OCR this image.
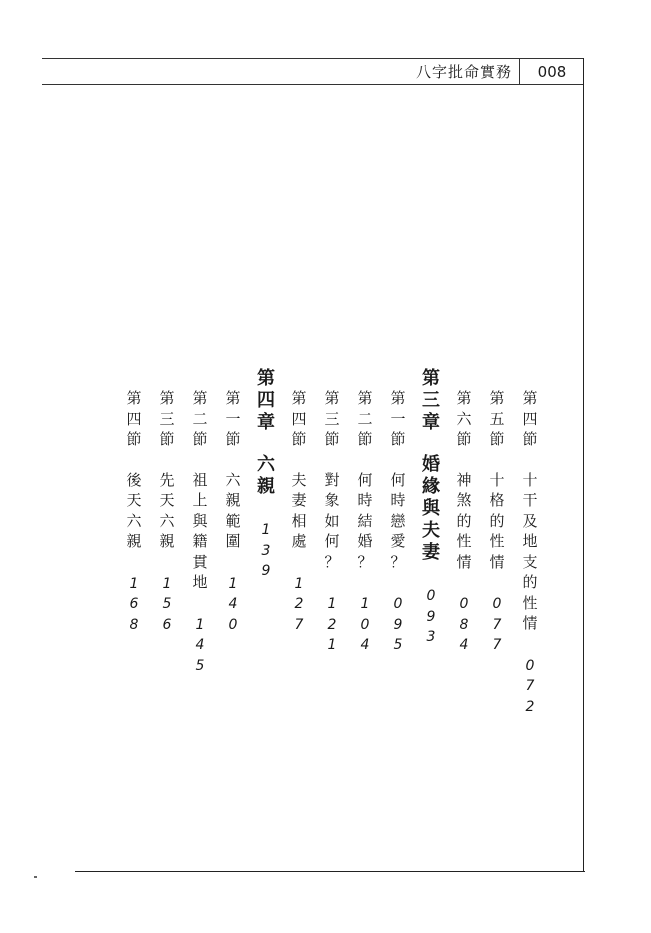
八字批命實務	008
第
四
節
十
干
及
地
支
的
性
情
0
7
2
第
五
節
十
格
的
性
情
0
7
7
第
六
節
神
煞
的
性
情
0
8
4
第
三
章
婚
緣
與
夫
妻
0
9
3
第
一
節
何
時
戀
愛
？
0
9
5
第
二
節
何
時
結
婚
？
1
0
4
第
三
節
對
象
如
何
？
1
2
1
第
四
節
夫
妻
相
處
1
2
7
第
四
章
六
親
1
3
9
第
一
節
六
親
範
圍
1
4
0
第
二
節
祖
上
與
籍
貫
地
1
4
5
第
三
節
先
天
六
親
1
5
6
第
四
節
後
天
六
親
1
6
8
